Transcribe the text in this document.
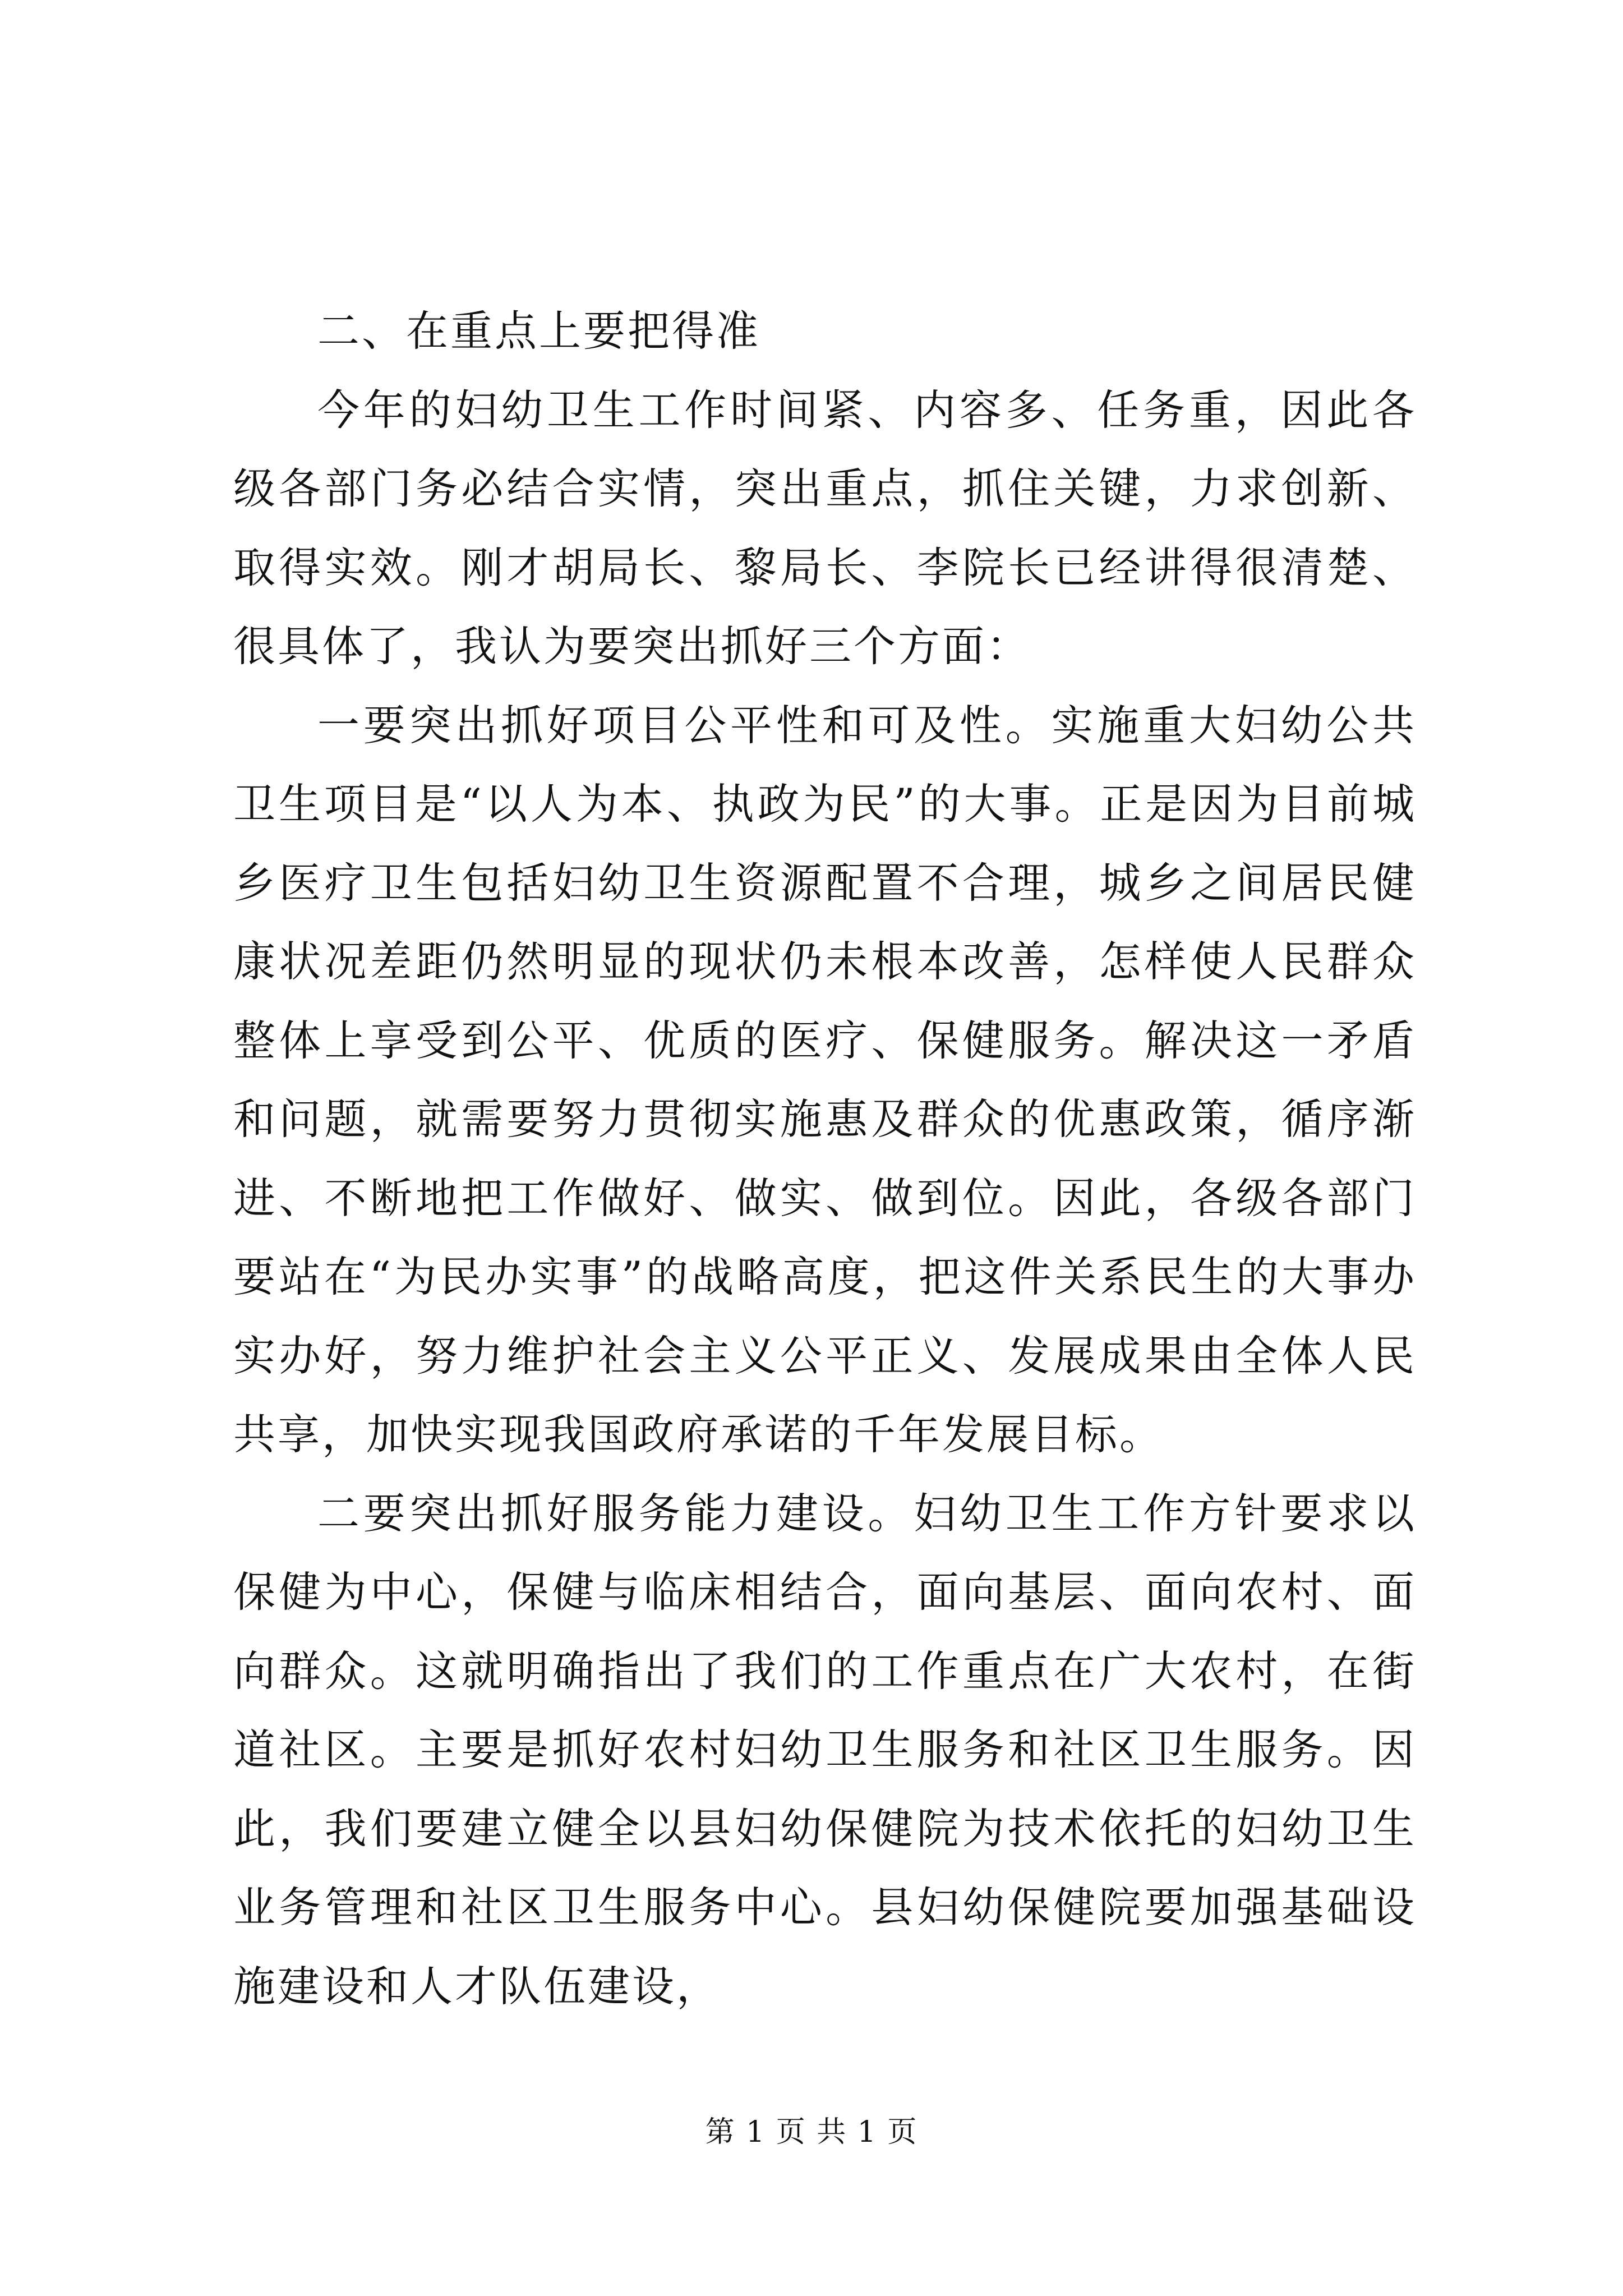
二、在重点上要把得准

今年的妇幼卫生工作时间紧、内容多、任务重，因此各级各部门务必结合实情，突出重点，抓住关键，力求创新、取得实效。刚才胡局长、黎局长、李院长已经讲得很清楚、很具体了，我认为要突出抓好三个方面：

一要突出抓好项目公平性和可及性。实施重大妇幼公共卫生项目是“以人为本、执政为民”的大事。正是因为目前城乡医疗卫生包括妇幼卫生资源配置不合理，城乡之间居民健康状况差距仍然明显的现状仍未根本改善，怎样使人民群众整体上享受到公平、优质的医疗、保健服务。解决这一矛盾和问题，就需要努力贯彻实施惠及群众的优惠政策，循序渐进、不断地把工作做好、做实、做到位。因此，各级各部门要站在“为民办实事”的战略高度，把这件关系民生的大事办实办好，努力维护社会主义公平正义、发展成果由全体人民共享，加快实现我国政府承诺的千年发展目标。

二要突出抓好服务能力建设。妇幼卫生工作方针要求以保健为中心，保健与临床相结合，面向基层、面向农村、面向群众。这就明确指出了我们的工作重点在广大农村，在街道社区。主要是抓好农村妇幼卫生服务和社区卫生服务。因此，我们要建立健全以县妇幼保健院为技术依托的妇幼卫生业务管理和社区卫生服务中心。县妇幼保健院要加强基础设施建设和人才队伍建设，

第 1 页 共 1 页
